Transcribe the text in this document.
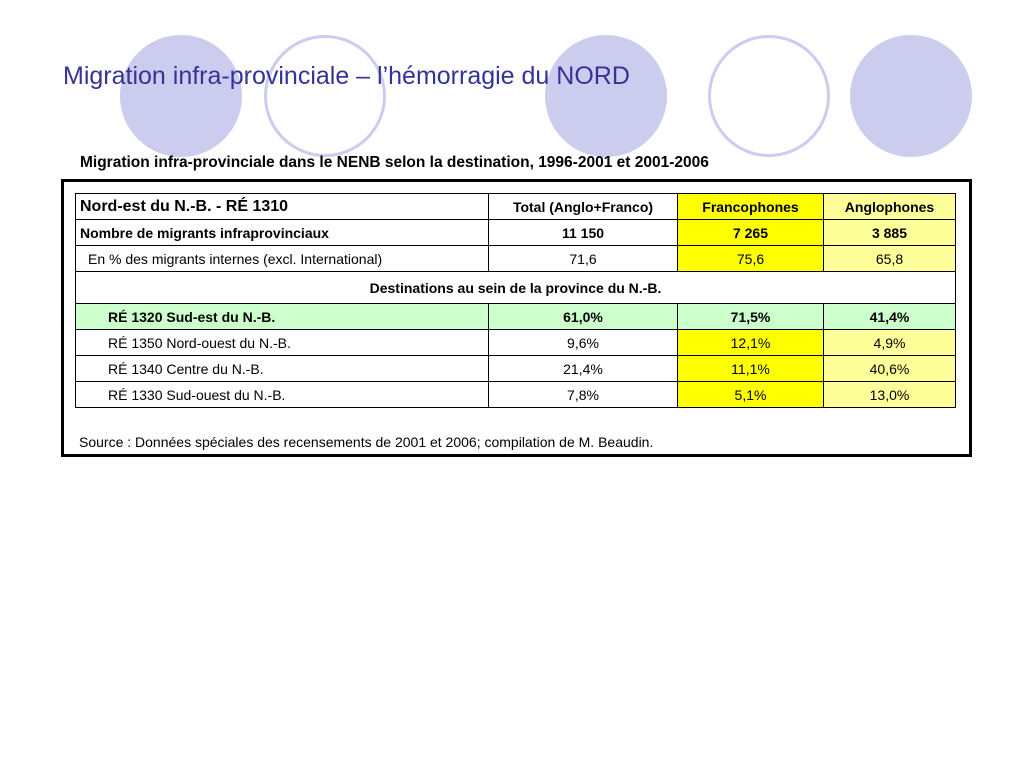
Migration infra-provinciale – l’hémorragie du NORD
Migration infra-provinciale dans le NENB selon la destination, 1996-2001 et 2001-2006
Nord-est du N.-B. - RÉ 1310	Total (Anglo+Franco)	Francophones	Anglophones
Nombre de migrants infraprovinciaux	11 150	7 265	3 885
En % des migrants internes (excl. International)	71,6	75,6	65,8
Destinations au sein de la province du N.-B.			
RÉ 1320 Sud-est du N.-B.	61,0%	71,5%	41,4%
RÉ 1350 Nord-ouest du N.-B.	9,6%	12,1%	4,9%
RÉ 1340 Centre du N.-B.	21,4%	11,1%	40,6%
RÉ 1330 Sud-ouest du N.-B.	7,8%	5,1%	13,0%
Source : Données spéciales des recensements de 2001 et 2006; compilation de M. Beaudin.
